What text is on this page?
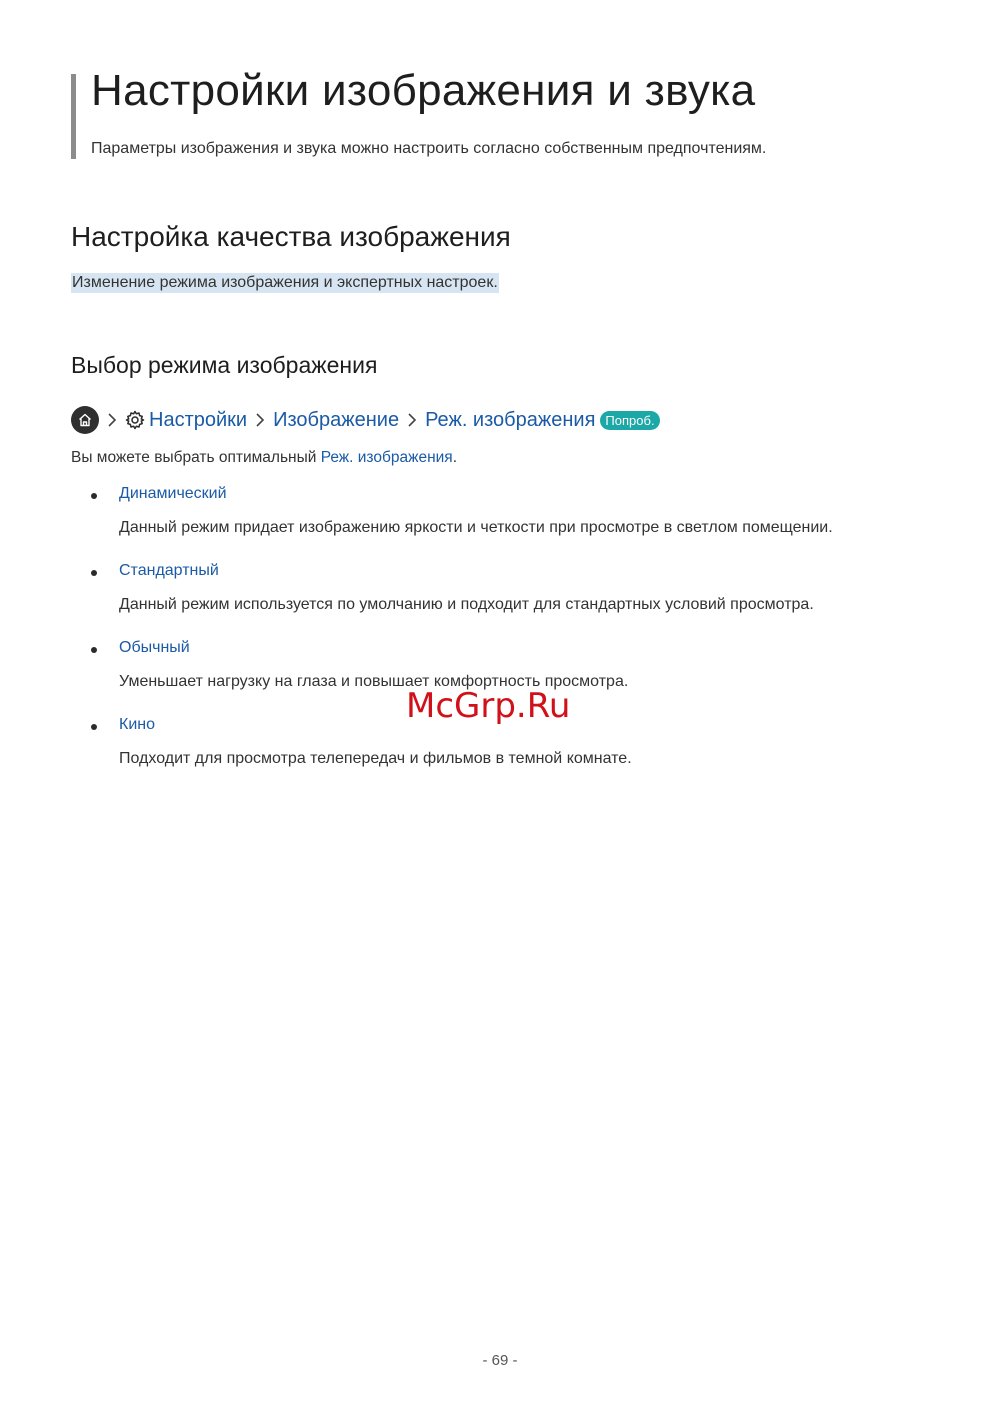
Настройки изображения и звука

Параметры изображения и звука можно настроить согласно собственным предпочтениям.

Настройка качества изображения
Изменение режима изображения и экспертных настроек.
Выбор режима изображения
Настройки Изображение Реж. изображения Попроб.

Вы можете выбрать оптимальный Реж. изображения.

Динамический
Данный режим придает изображению яркости и четкости при просмотре в светлом помещении.
Стандартный
Данный режим используется по умолчанию и подходит для стандартных условий просмотра.
Обычный
Уменьшает нагрузку на глаза и повышает комфортность просмотра.
Кино
Подходит для просмотра телепередач и фильмов в темной комнате.
McGrp.Ru
- 69 -
